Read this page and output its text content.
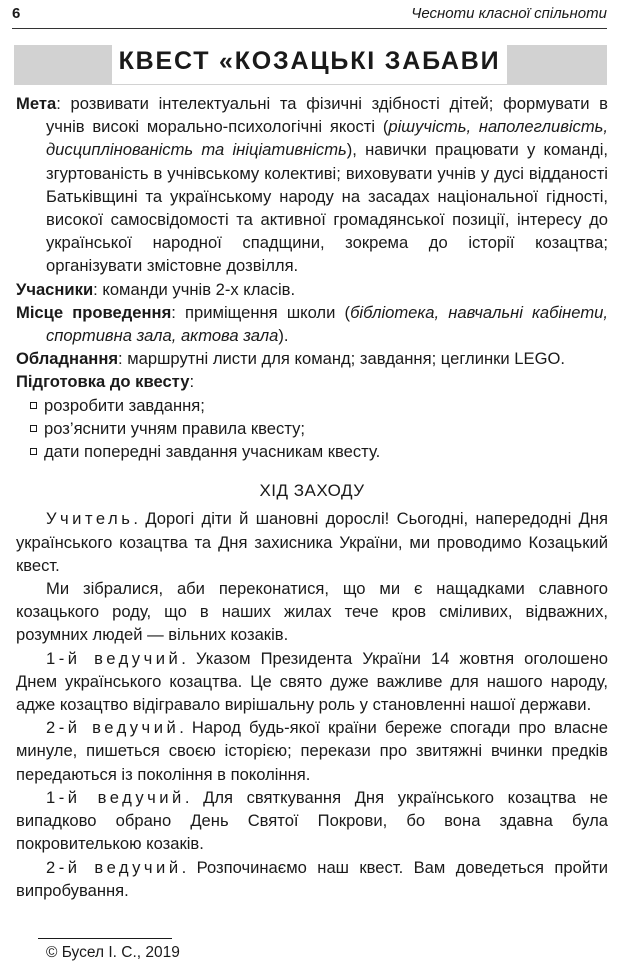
6	Чесноти класної спільноти
КВЕСТ «КОЗАЦЬКІ ЗАБАВИ

Мета: розвивати інтелектуальні та фізичні здібності дітей; формувати в учнів високі морально-психологічні якості (рішучість, наполегливість, дисциплінованість та ініціативність), навички працювати у команді, згуртованість в учнівському колективі; виховувати учнів у дусі відданості Батьківщині та українському народу на засадах національної гідності, високої самосвідомості та активної громадянської позиції, інтересу до української народної спадщини, зокрема до історії козацтва; організувати змістовне дозвілля.

Учасники: команди учнів 2-х класів.

Місце проведення: приміщення школи (бібліотека, навчальні кабінети, спортивна зала, актова зала).

Обладнання: маршрутні листи для команд; завдання; цеглинки LEGO.

Підготовка до квесту:

розробити завдання;
роз’яснити учням правила квесту;
дати попередні завдання учасникам квесту.
ХІД ЗАХОДУ

Учитель. Дорогі діти й шановні дорослі! Сьогодні, напередодні Дня українського козацтва та Дня захисника України, ми проводимо Козацький квест.

Ми зібралися, аби переконатися, що ми є нащадками славного козацького роду, що в наших жилах тече кров сміливих, відважних, розумних людей — вільних козаків.

1-й ведучий. Указом Президента України 14 жовтня оголошено Днем українського козацтва. Це свято дуже важливе для нашого народу, адже козацтво відігравало вирішальну роль у становленні нашої держави.

2-й ведучий. Народ будь-якої країни береже спогади про власне минуле, пишеться своєю історією; перекази про звитяжні вчинки предків передаються із покоління в покоління.

1-й ведучий. Для святкування Дня українського козацтва не випадково обрано День Святої Покрови, бо вона здавна була покровителькою козаків.

2-й ведучий. Розпочинаємо наш квест. Вам доведеться пройти випробування.

© Бусел І. С., 2019
